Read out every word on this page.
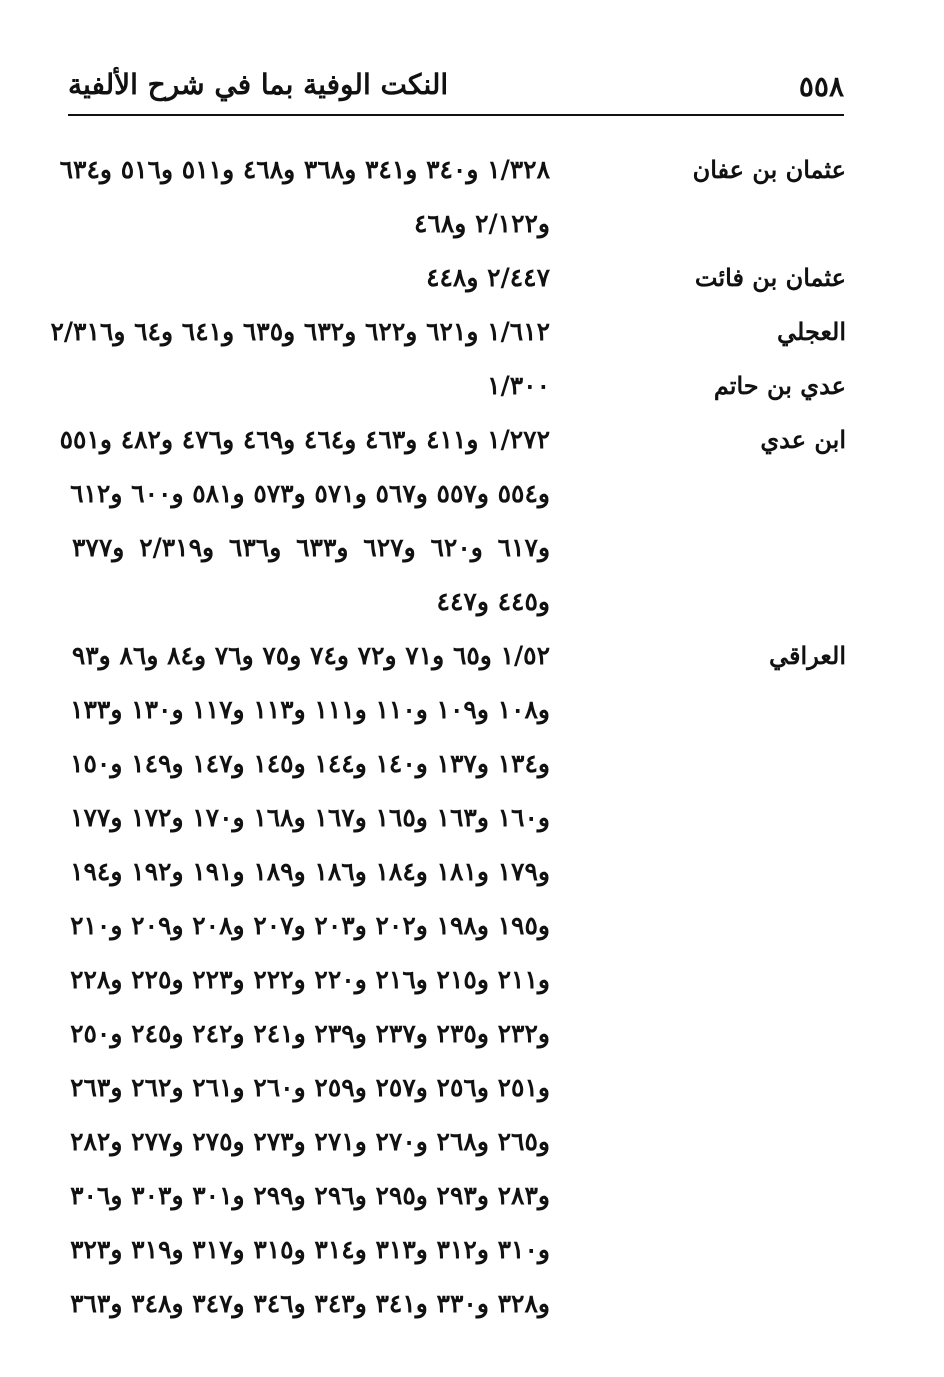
٥٥٨
النكت الوفية بما في شرح الألفية
عثمان بن عفان
١/٣٢٨ و٣٤٠ و٣٤١ و٣٦٨ و٤٦٨ و٥١١ و٥١٦ و٦٣٤
و٢/١٢٢ و٤٦٨
عثمان بن فائت
٢/٤٤٧ و٤٤٨
العجلي
١/٦١٢ و٦٢١ و٦٢٢ و٦٣٢ و٦٣٥ و٦٤١ و٦٤ و٢/٣١٦
عدي بن حاتم
١/٣٠٠
ابن عدي
١/٢٧٢ و٤١١ و٤٦٣ و٤٦٤ و٤٦٩ و٤٧٦ و٤٨٢ و٥٥١
و٥٥٤ و٥٥٧ و٥٦٧ و٥٧١ و٥٧٣ و٥٨١ و٦٠٠ و٦١٢
و٦١٧ و٦٢٠ و٦٢٧ و٦٣٣ و٦٣٦ و٢/٣١٩ و٣٧٧
و٤٤٥ و٤٤٧
العراقي
١/٥٢ و٦٥ و٧١ و٧٢ و٧٤ و٧٥ و٧٦ و٨٤ و٨٦ و٩٣
و١٠٨ و١٠٩ و١١٠ و١١١ و١١٣ و١١٧ و١٣٠ و١٣٣
و١٣٤ و١٣٧ و١٤٠ و١٤٤ و١٤٥ و١٤٧ و١٤٩ و١٥٠
و١٦٠ و١٦٣ و١٦٥ و١٦٧ و١٦٨ و١٧٠ و١٧٢ و١٧٧
و١٧٩ و١٨١ و١٨٤ و١٨٦ و١٨٩ و١٩١ و١٩٢ و١٩٤
و١٩٥ و١٩٨ و٢٠٢ و٢٠٣ و٢٠٧ و٢٠٨ و٢٠٩ و٢١٠
و٢١١ و٢١٥ و٢١٦ و٢٢٠ و٢٢٢ و٢٢٣ و٢٢٥ و٢٢٨
و٢٣٢ و٢٣٥ و٢٣٧ و٢٣٩ و٢٤١ و٢٤٢ و٢٤٥ و٢٥٠
و٢٥١ و٢٥٦ و٢٥٧ و٢٥٩ و٢٦٠ و٢٦١ و٢٦٢ و٢٦٣
و٢٦٥ و٢٦٨ و٢٧٠ و٢٧١ و٢٧٣ و٢٧٥ و٢٧٧ و٢٨٢
و٢٨٣ و٢٩٣ و٢٩٥ و٢٩٦ و٢٩٩ و٣٠١ و٣٠٣ و٣٠٦
و٣١٠ و٣١٢ و٣١٣ و٣١٤ و٣١٥ و٣١٧ و٣١٩ و٣٢٣
و٣٢٨ و٣٣٠ و٣٤١ و٣٤٣ و٣٤٦ و٣٤٧ و٣٤٨ و٣٦٣
